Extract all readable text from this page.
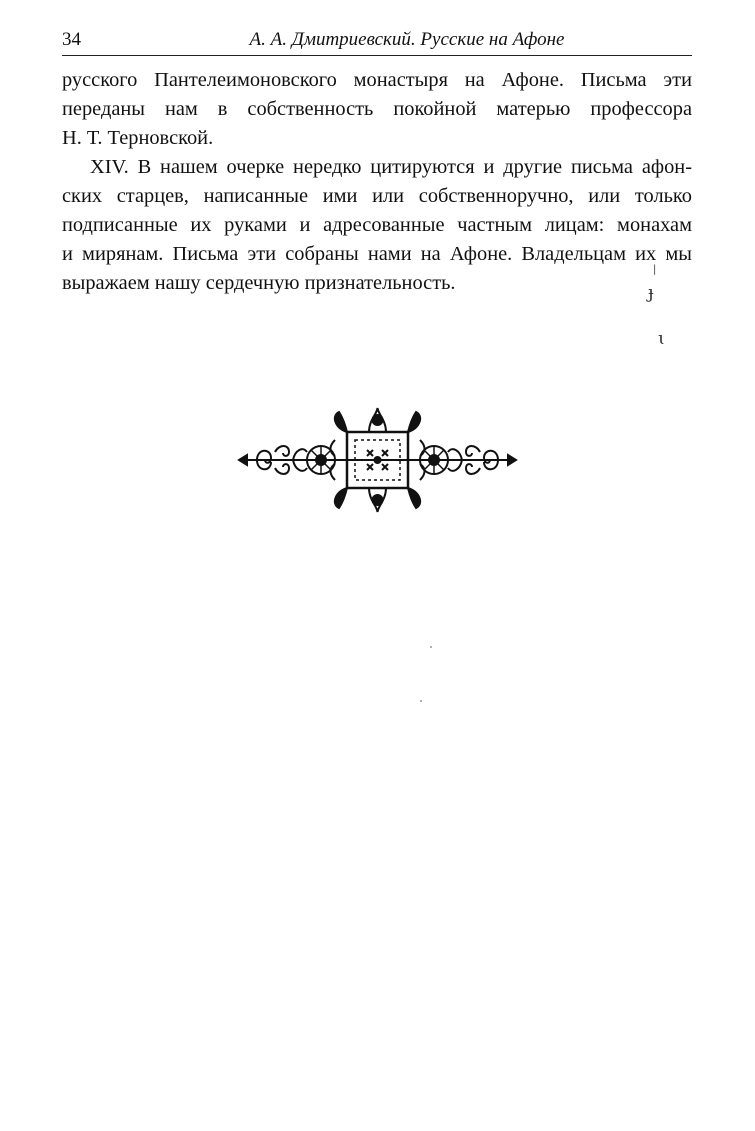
34	А. А. Дмитриевский. Русские на Афоне

русского Пантелеимоновского монастыря на Афоне. Письма эти
переданы нам в собственность покойной матерью профессора
Н. Т. Терновской.

XIV. В нашем очерке нередко цитируются и другие письма афон-
ских старцев, написанные ими или собственноручно, или только
подписанные их руками и адресованные частным лицам: монахам
и мирянам. Письма эти собраны нами на Афоне. Владельцам их мы
выражаем нашу сердечную признательность.

|
ɟ
ɩ
